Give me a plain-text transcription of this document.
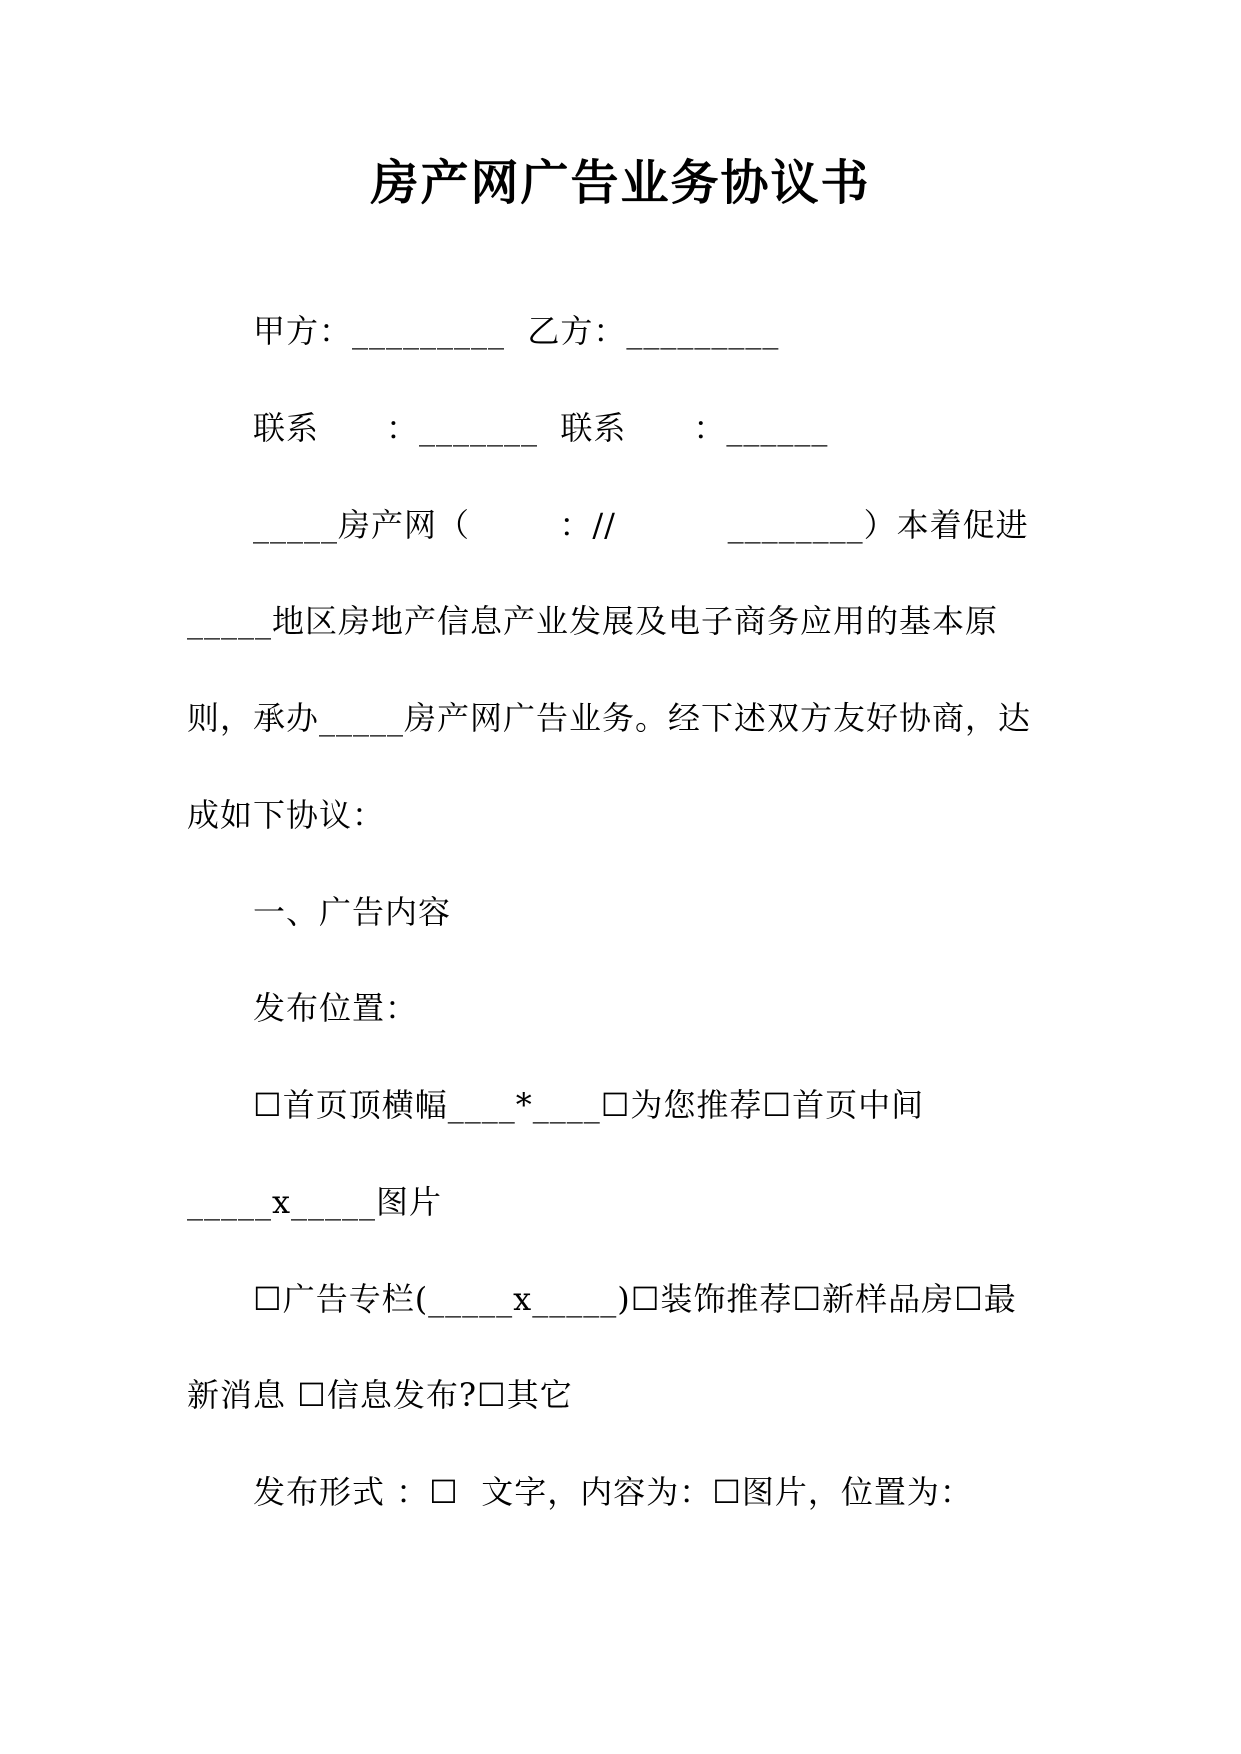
房产网广告业务协议书
甲方：_________  乙方：_________
联系      ：_______  联系      ：______
_____房产网（        ：//          ________）本着促进
_____地区房地产信息产业发展及电子商务应用的基本原
则，承办_____房产网广告业务。经下述双方友好协商，达
成如下协议：
一、广告内容
发布位置：
☐首页顶横幅____*____☐为您推荐☐首页中间
_____x_____图片
☐广告专栏(_____x_____)☐装饰推荐☐新样品房☐最
新消息 ☐信息发布?☐其它
发布形式 ：☐  文字，内容为：☐图片，位置为：
